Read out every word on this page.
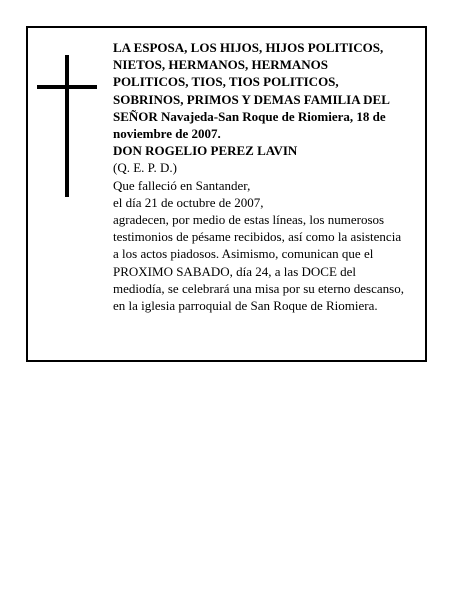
LA ESPOSA, LOS HIJOS, HIJOS POLITICOS,
NIETOS, HERMANOS, HERMANOS
POLITICOS, TIOS, TIOS POLITICOS,
SOBRINOS, PRIMOS Y DEMAS FAMILIA DEL
SEÑOR Navajeda-San Roque de Riomiera, 18 de
noviembre de 2007.
DON ROGELIO PEREZ LAVIN
(Q. E. P. D.)
Que falleció en Santander,
el día 21 de octubre de 2007,
agradecen, por medio de estas líneas, los numerosos
testimonios de pésame recibidos, así como la asistencia
a los actos piadosos. Asimismo, comunican que el
PROXIMO SABADO, día 24, a las DOCE del
mediodía, se celebrará una misa por su eterno descanso,
en la iglesia parroquial de San Roque de Riomiera.
